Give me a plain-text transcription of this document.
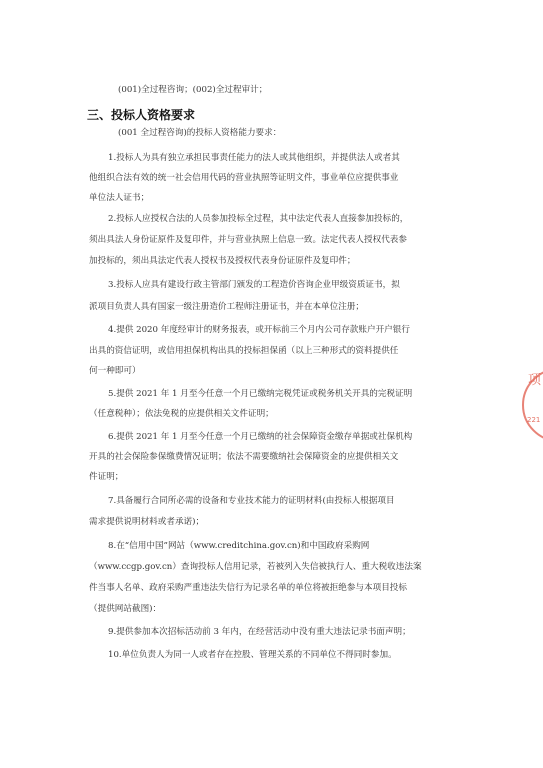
(001)全过程咨询；(002)全过程审计；
三、投标人资格要求
(001 全过程咨询)的投标人资格能力要求：
1.投标人为具有独立承担民事责任能力的法人或其他组织，并提供法人或者其
他组织合法有效的统一社会信用代码的营业执照等证明文件，事业单位应提供事业
单位法人证书；
2.投标人应授权合法的人员参加投标全过程，其中法定代表人直接参加投标的，
须出具法人身份证原件及复印件，并与营业执照上信息一致。法定代表人授权代表参
加投标的，须出具法定代表人授权书及授权代表身份证原件及复印件；
3.投标人应具有建设行政主管部门颁发的工程造价咨询企业甲级资质证书，拟
派项目负责人具有国家一级注册造价工程师注册证书，并在本单位注册；
4.提供 2020 年度经审计的财务报表，或开标前三个月内公司存款账户开户银行
出具的资信证明，或信用担保机构出具的投标担保函（以上三种形式的资料提供任
何一种即可）
5.提供 2021 年 1 月至今任意一个月已缴纳完税凭证或税务机关开具的完税证明
（任意税种）；依法免税的应提供相关文件证明；
6.提供 2021 年 1 月至今任意一个月已缴纳的社会保障资金缴存单据或社保机构
开具的社会保险参保缴费情况证明；依法不需要缴纳社会保障资金的应提供相关文
件证明；
7.具备履行合同所必需的设备和专业技术能力的证明材料(由投标人根据项目
需求提供说明材料或者承诺)；
8.在“信用中国”网站（www.creditchina.gov.cn)和中国政府采购网
（www.ccgp.gov.cn）查询投标人信用记录，若被列入失信被执行人、重大税收违法案
件当事人名单、政府采购严重违法失信行为记录名单的单位将被拒绝参与本项目投标
（提供网站截图)：
9.提供参加本次招标活动前 3 年内，在经营活动中没有重大违法记录书面声明；
10.单位负责人为同一人或者存在控股、管理关系的不同单位不得同时参加。
项
221
